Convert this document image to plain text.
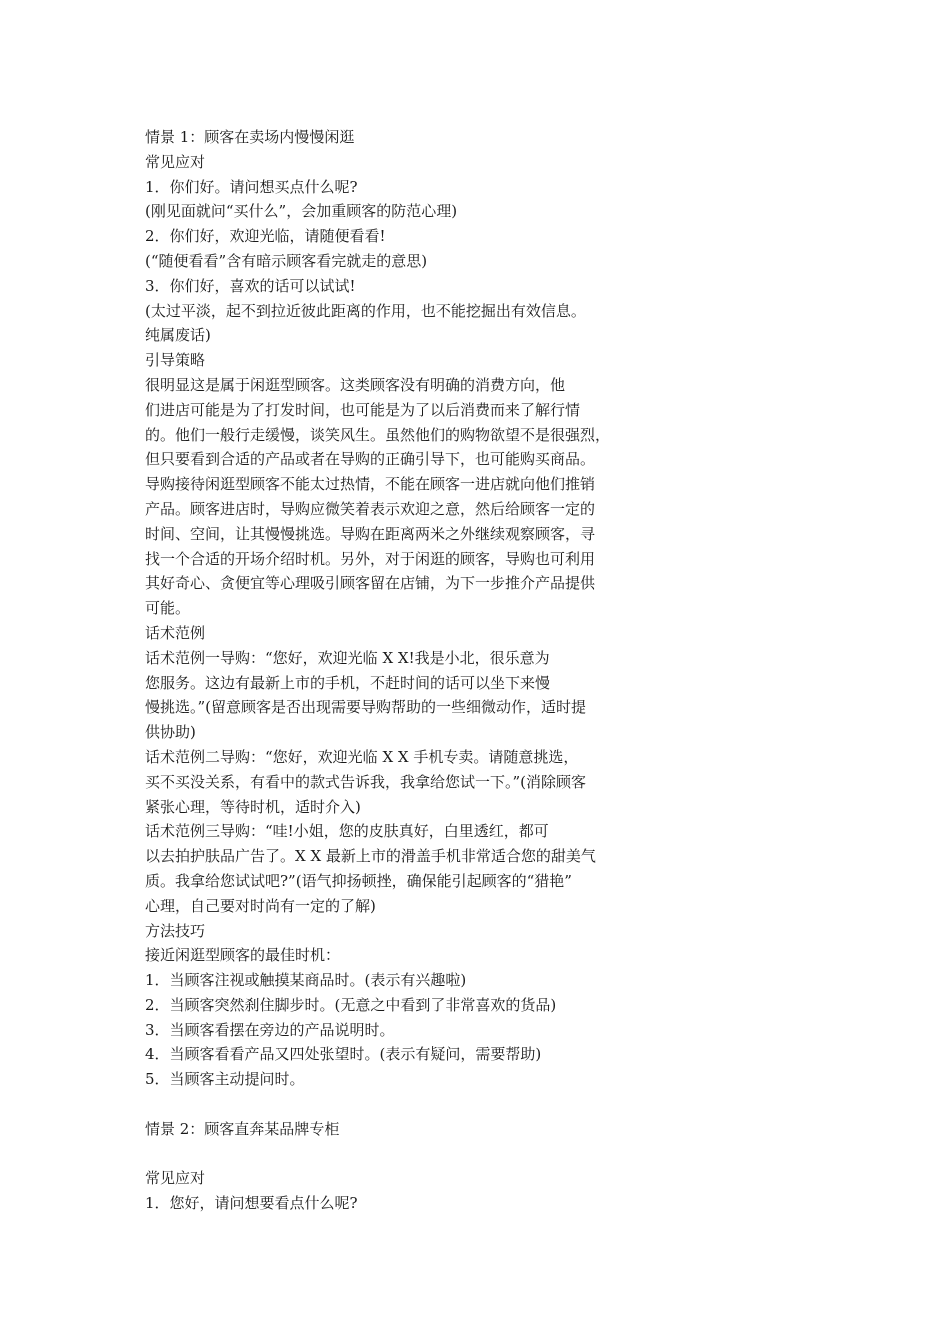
情景 1：顾客在卖场内慢慢闲逛
常见应对
1．你们好。请问想买点什么呢?
(刚见面就问“买什么”，会加重顾客的防范心理)
2．你们好，欢迎光临，请随便看看!
(“随便看看”含有暗示顾客看完就走的意思)
3．你们好，喜欢的话可以试试!
(太过平淡，起不到拉近彼此距离的作用，也不能挖掘出有效信息。
纯属废话)
引导策略
很明显这是属于闲逛型顾客。这类顾客没有明确的消费方向，他
们进店可能是为了打发时间，也可能是为了以后消费而来了解行情
的。他们一般行走缓慢，谈笑风生。虽然他们的购物欲望不是很强烈，
但只要看到合适的产品或者在导购的正确引导下，也可能购买商品。
导购接待闲逛型顾客不能太过热情，不能在顾客一进店就向他们推销
产品。顾客进店时，导购应微笑着表示欢迎之意，然后给顾客一定的
时间、空间，让其慢慢挑选。导购在距离两米之外继续观察顾客，寻
找一个合适的开场介绍时机。另外，对于闲逛的顾客，导购也可利用
其好奇心、贪便宜等心理吸引顾客留在店铺，为下一步推介产品提供
可能。
话术范例
话术范例一导购：“您好，欢迎光临 X X!我是小北，很乐意为
您服务。这边有最新上市的手机，不赶时间的话可以坐下来慢
慢挑选。”(留意顾客是否出现需要导购帮助的一些细微动作，适时提
供协助)
话术范例二导购：“您好，欢迎光临 X X 手机专卖。请随意挑选，
买不买没关系，有看中的款式告诉我，我拿给您试一下。”(消除顾客
紧张心理，等待时机，适时介入)
话术范例三导购：“哇!小姐，您的皮肤真好，白里透红，都可
以去拍护肤品广告了。X X 最新上市的滑盖手机非常适合您的甜美气
质。我拿给您试试吧?”(语气抑扬顿挫，确保能引起顾客的“猎艳”
心理，自己要对时尚有一定的了解)
方法技巧
接近闲逛型顾客的最佳时机：
1．当顾客注视或触摸某商品时。(表示有兴趣啦)
2．当顾客突然刹住脚步时。(无意之中看到了非常喜欢的货品)
3．当顾客看摆在旁边的产品说明时。
4．当顾客看看产品又四处张望时。(表示有疑问，需要帮助)
5．当顾客主动提问时。
情景 2：顾客直奔某品牌专柜
常见应对
1．您好，请问想要看点什么呢?
